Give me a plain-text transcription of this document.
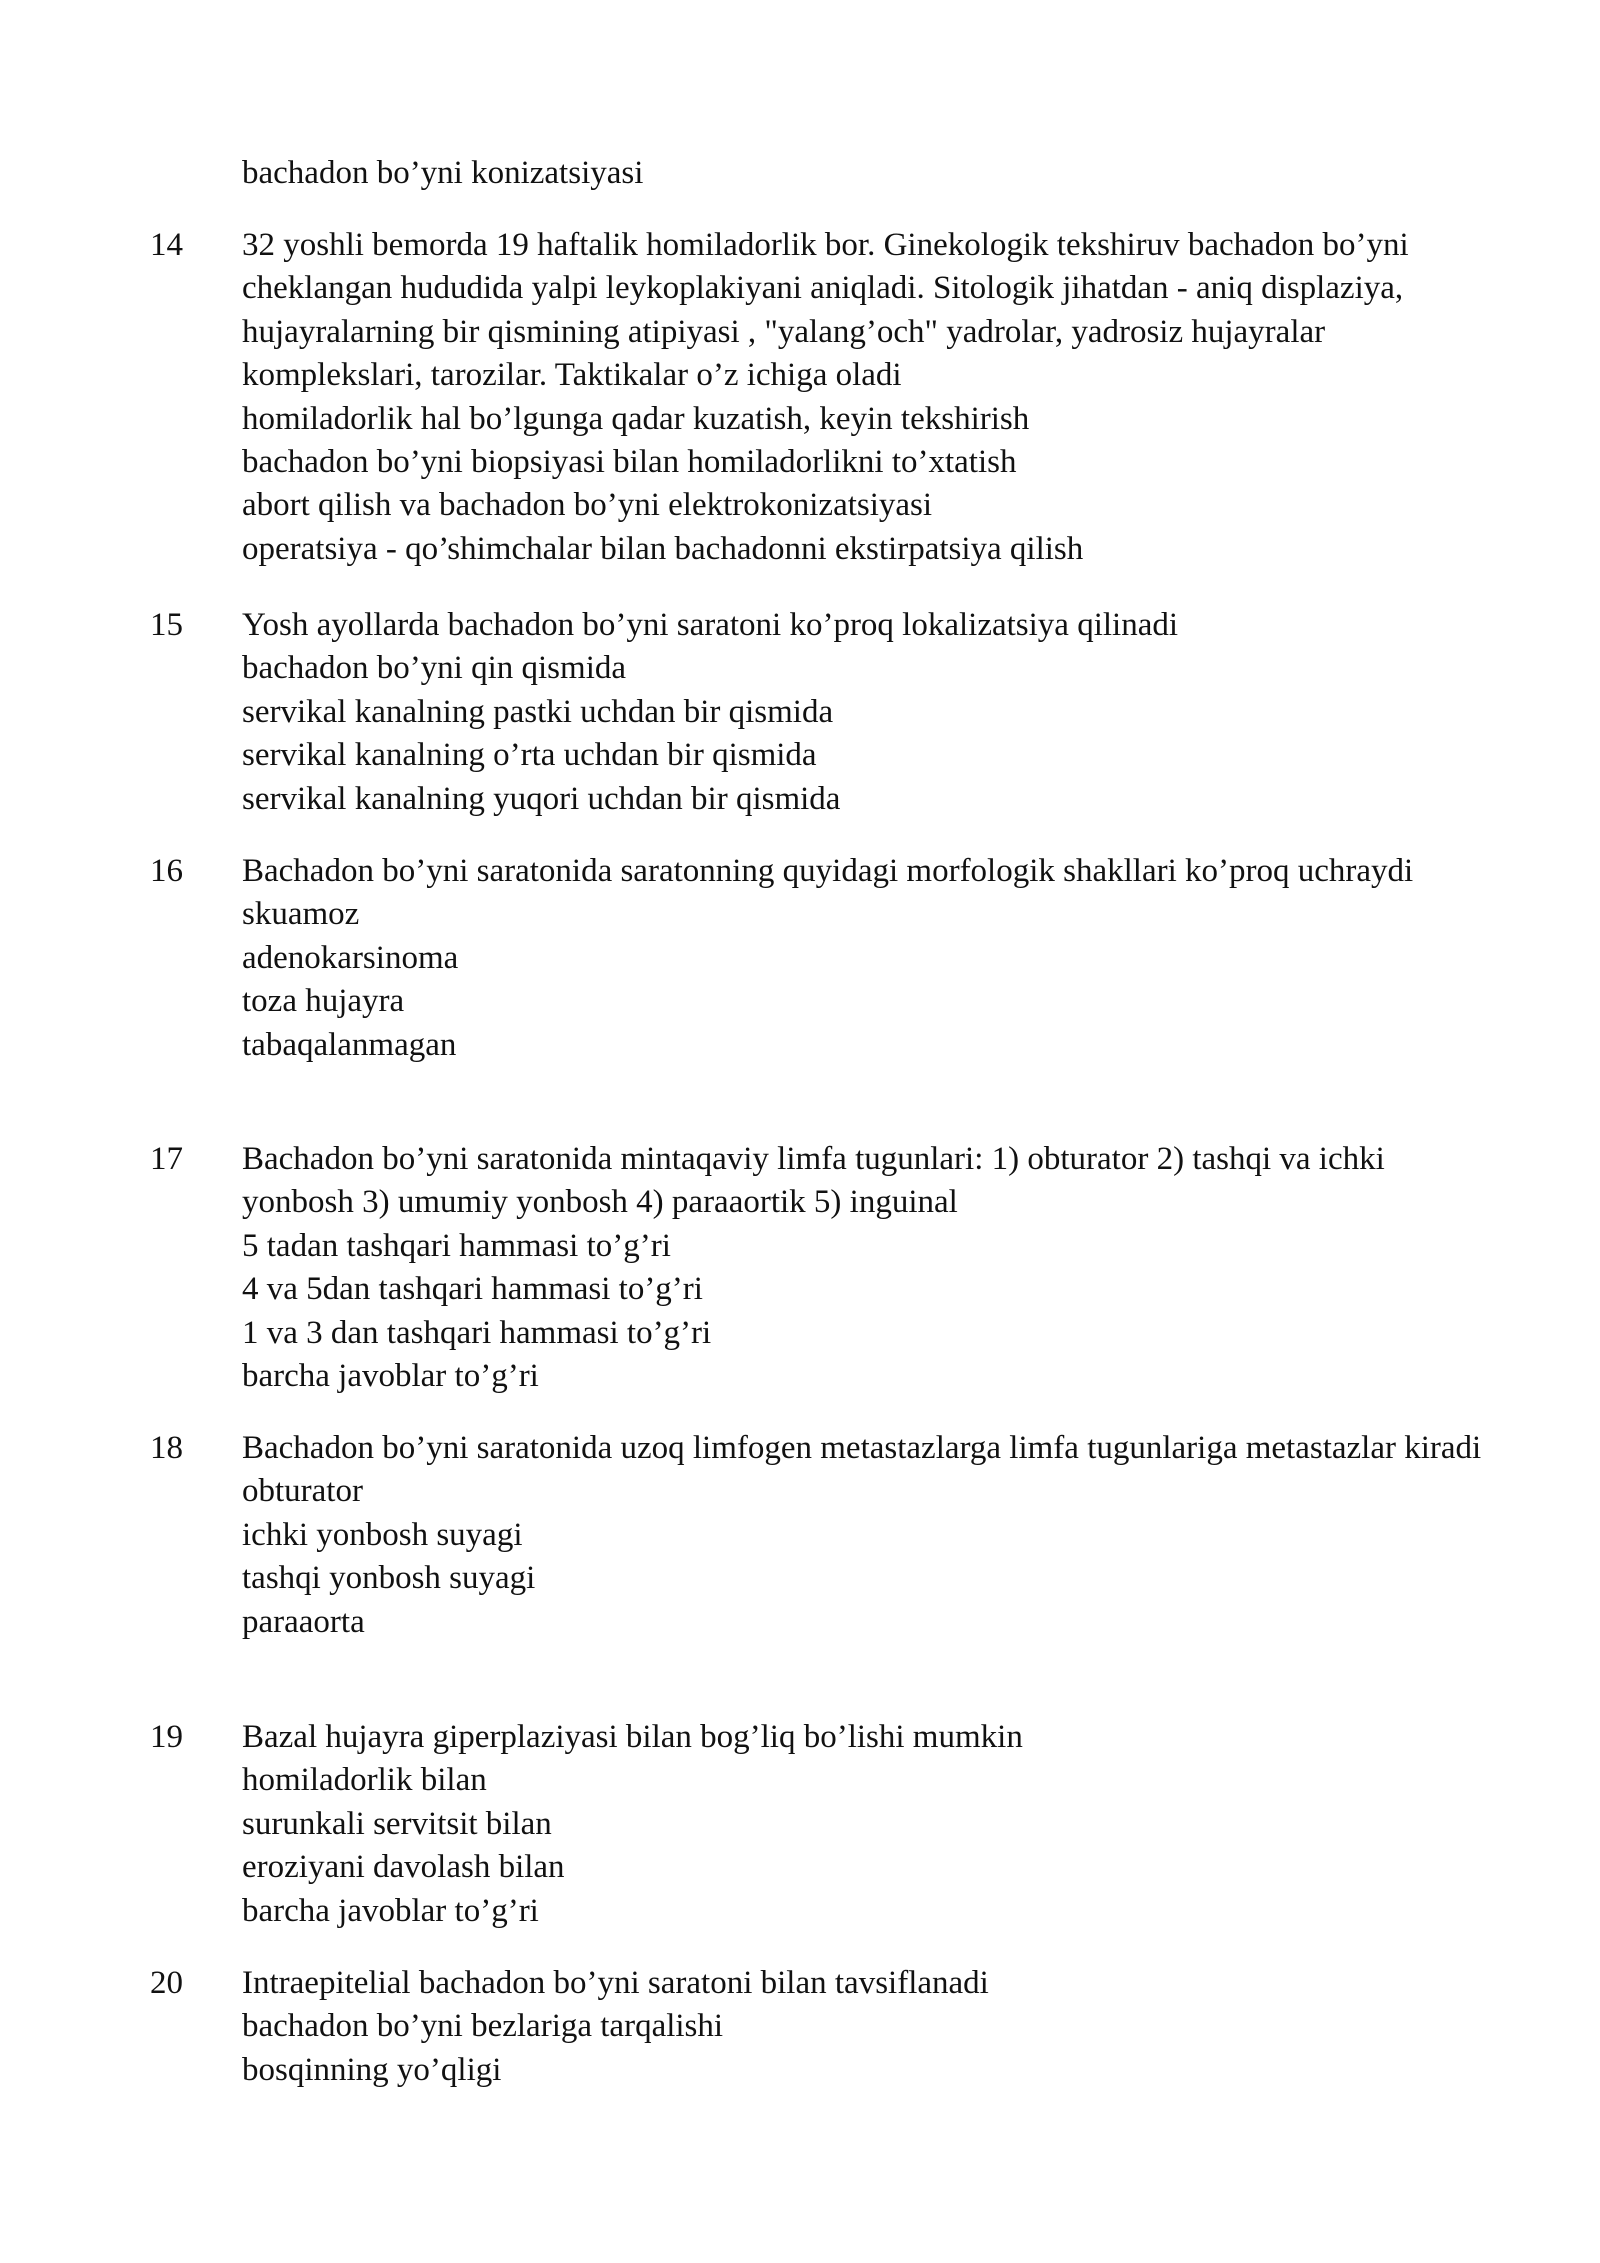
bachadon bo’yni konizatsiyasi
14	32 yoshli bemorda 19 haftalik homiladorlik bor. Ginekologik tekshiruv bachadon bo’yni cheklangan hududida yalpi leykoplakiyani aniqladi. Sitologik jihatdan - aniq displaziya, hujayralarning bir qismining atipiyasi , "yalang’och" yadrolar, yadrosiz hujayralar komplekslari, tarozilar. Taktikalar o’z ichiga oladi
homiladorlik hal bo’lgunga qadar kuzatish, keyin tekshirish
bachadon bo’yni biopsiyasi bilan homiladorlikni to’xtatish
abort qilish va bachadon bo’yni elektrokonizatsiyasi
operatsiya - qo’shimchalar bilan bachadonni ekstirpatsiya qilish
15	Yosh ayollarda bachadon bo’yni saratoni ko’proq lokalizatsiya qilinadi
bachadon bo’yni qin qismida
servikal kanalning pastki uchdan bir qismida
servikal kanalning o’rta uchdan bir qismida
servikal kanalning yuqori uchdan bir qismida
16	Bachadon bo’yni saratonida saratonning quyidagi morfologik shakllari ko’proq uchraydi
skuamoz
adenokarsinoma
toza hujayra
tabaqalanmagan
17	Bachadon bo’yni saratonida mintaqaviy limfa tugunlari: 1) obturator 2) tashqi va ichki yonbosh 3) umumiy yonbosh 4) paraaortik 5) inguinal
5 tadan tashqari hammasi to’g’ri
4 va 5dan tashqari hammasi to’g’ri
1 va 3 dan tashqari hammasi to’g’ri
barcha javoblar to’g’ri
18	Bachadon bo’yni saratonida uzoq limfogen metastazlarga limfa tugunlariga metastazlar kiradi
obturator
ichki yonbosh suyagi
tashqi yonbosh suyagi
paraaorta
19	Bazal hujayra giperplaziyasi bilan bog’liq bo’lishi mumkin
homiladorlik bilan
surunkali servitsit bilan
eroziyani davolash bilan
barcha javoblar to’g’ri
20	Intraepitelial bachadon bo’yni saratoni bilan tavsiflanadi
bachadon bo’yni bezlariga tarqalishi
bosqinning yo’qligi
